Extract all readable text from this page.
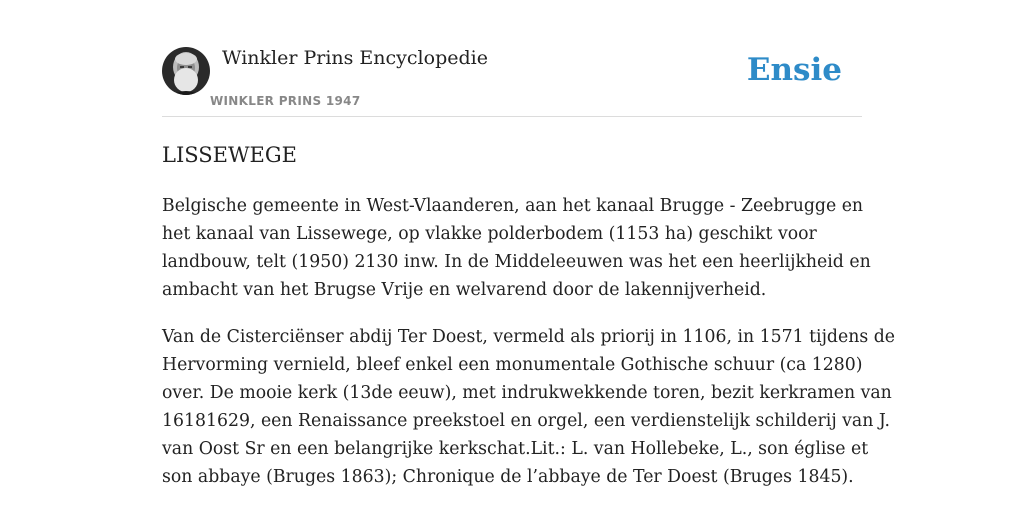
Winkler Prins Encyclopedie
WINKLER PRINS 1947
Ensie
LISSEWEGE

Belgische gemeente in West-Vlaanderen, aan het kanaal Brugge - Zeebrugge en
het kanaal van Lissewege, op vlakke polderbodem (1153 ha) geschikt voor
landbouw, telt (1950) 2130 inw. In de Middeleeuwen was het een heerlijkheid en
ambacht van het Brugse Vrije en welvarend door de lakennijverheid.

Van de Cisterciënser abdij Ter Doest, vermeld als priorij in 1106, in 1571 tijdens de
Hervorming vernield, bleef enkel een monumentale Gothische schuur (ca 1280)
over. De mooie kerk (13de eeuw), met indrukwekkende toren, bezit kerkramen van
16181629, een Renaissance preekstoel en orgel, een verdienstelijk schilderij van J.
van Oost Sr en een belangrijke kerkschat.Lit.: L. van Hollebeke, L., son église et
son abbaye (Bruges 1863); Chronique de l’abbaye de Ter Doest (Bruges 1845).
